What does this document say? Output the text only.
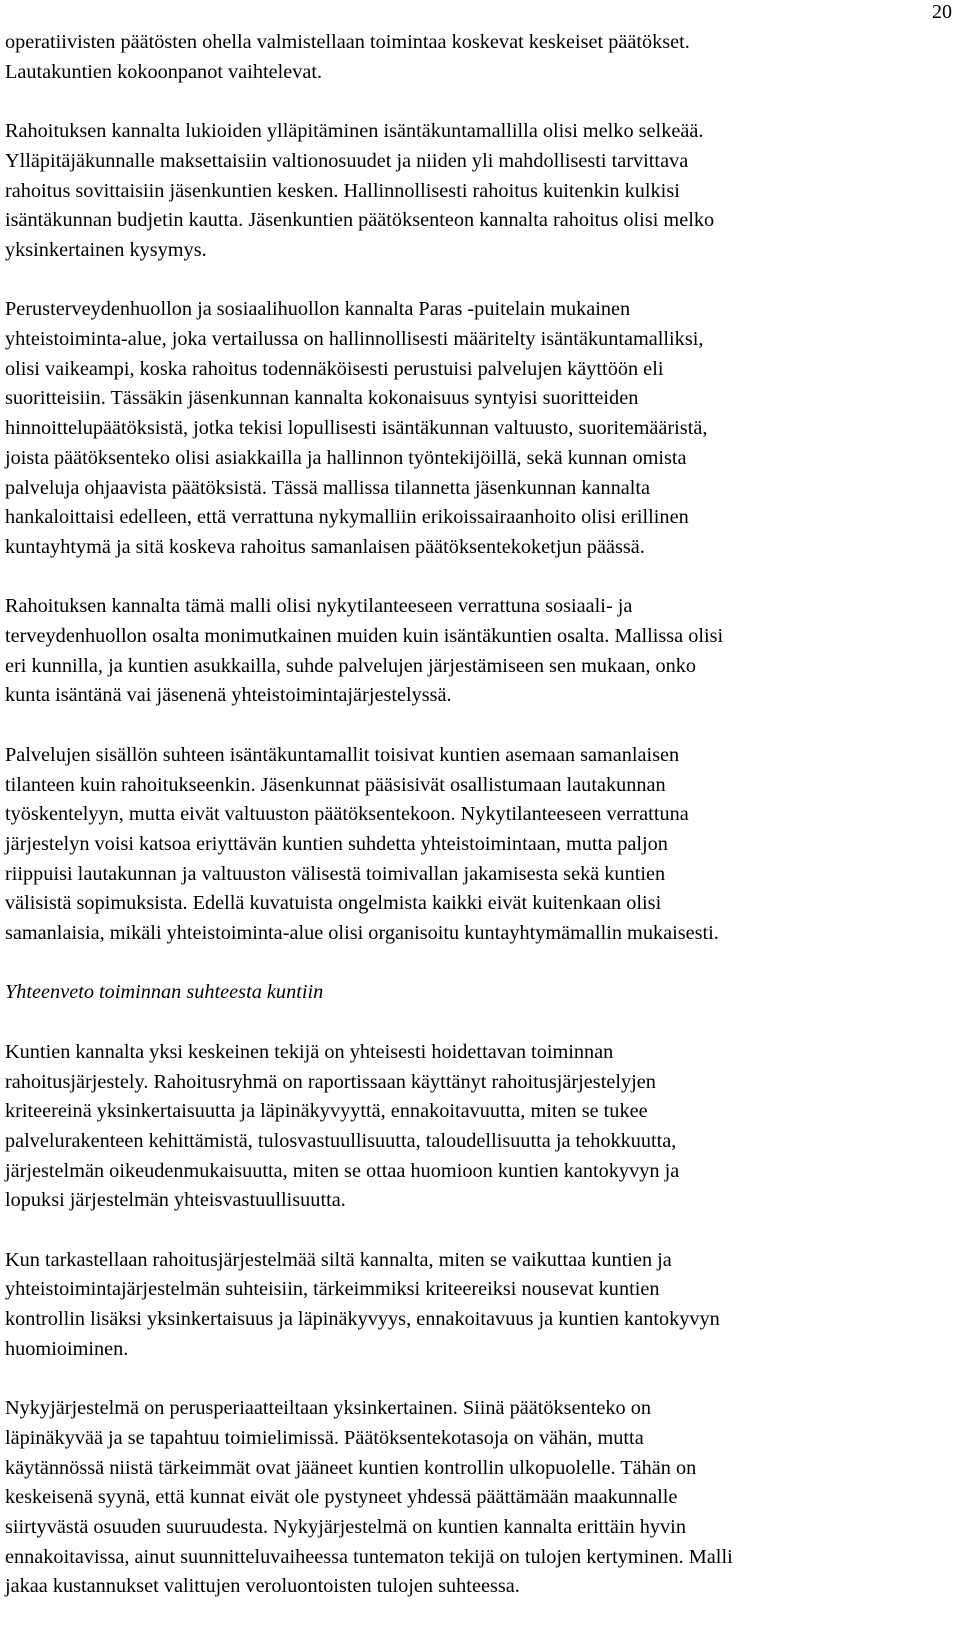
20
operatiivisten päätösten ohella valmistellaan toimintaa koskevat keskeiset päätökset.
Lautakuntien kokoonpanot vaihtelevat.
Rahoituksen kannalta lukioiden ylläpitäminen isäntäkuntamallilla olisi melko selkeää.
Ylläpitäjäkunnalle maksettaisiin valtionosuudet ja niiden yli mahdollisesti tarvittava
rahoitus sovittaisiin jäsenkuntien kesken. Hallinnollisesti rahoitus kuitenkin kulkisi
isäntäkunnan budjetin kautta. Jäsenkuntien päätöksenteon kannalta rahoitus olisi melko
yksinkertainen kysymys.
Perusterveydenhuollon ja sosiaalihuollon kannalta Paras -puitelain mukainen
yhteistoiminta-alue, joka vertailussa on hallinnollisesti määritelty isäntäkuntamalliksi,
olisi vaikeampi, koska rahoitus todennäköisesti perustuisi palvelujen käyttöön eli
suoritteisiin. Tässäkin jäsenkunnan kannalta kokonaisuus syntyisi suoritteiden
hinnoittelupäätöksistä, jotka tekisi lopullisesti isäntäkunnan valtuusto, suoritemääristä,
joista päätöksenteko olisi asiakkailla ja hallinnon työntekijöillä, sekä kunnan omista
palveluja ohjaavista päätöksistä. Tässä mallissa tilannetta jäsenkunnan kannalta
hankaloittaisi edelleen, että verrattuna nykymalliin erikoissairaanhoito olisi erillinen
kuntayhtymä ja sitä koskeva rahoitus samanlaisen päätöksentekoketjun päässä.
Rahoituksen kannalta tämä malli olisi nykytilanteeseen verrattuna sosiaali- ja
terveydenhuollon osalta monimutkainen muiden kuin isäntäkuntien osalta. Mallissa olisi
eri kunnilla, ja kuntien asukkailla, suhde palvelujen järjestämiseen sen mukaan, onko
kunta isäntänä vai jäsenenä yhteistoimintajärjestelyssä.
Palvelujen sisällön suhteen isäntäkuntamallit toisivat kuntien asemaan samanlaisen
tilanteen kuin rahoitukseenkin. Jäsenkunnat pääsisivät osallistumaan lautakunnan
työskentelyyn, mutta eivät valtuuston päätöksentekoon. Nykytilanteeseen verrattuna
järjestelyn voisi katsoa eriyttävän kuntien suhdetta yhteistoimintaan, mutta paljon
riippuisi lautakunnan ja valtuuston välisestä toimivallan jakamisesta sekä kuntien
välisistä sopimuksista. Edellä kuvatuista ongelmista kaikki eivät kuitenkaan olisi
samanlaisia, mikäli yhteistoiminta-alue olisi organisoitu kuntayhtymämallin mukaisesti.
Yhteenveto toiminnan suhteesta kuntiin
Kuntien kannalta yksi keskeinen tekijä on yhteisesti hoidettavan toiminnan
rahoitusjärjestely. Rahoitusryhmä on raportissaan käyttänyt rahoitusjärjestelyjen
kriteereinä yksinkertaisuutta ja läpinäkyvyyttä, ennakoitavuutta, miten se tukee
palvelurakenteen kehittämistä, tulosvastuullisuutta, taloudellisuutta ja tehokkuutta,
järjestelmän oikeudenmukaisuutta, miten se ottaa huomioon kuntien kantokyvyn ja
lopuksi järjestelmän yhteisvastuullisuutta.
Kun tarkastellaan rahoitusjärjestelmää siltä kannalta, miten se vaikuttaa kuntien ja
yhteistoimintajärjestelmän suhteisiin, tärkeimmiksi kriteereiksi nousevat kuntien
kontrollin lisäksi yksinkertaisuus ja läpinäkyvyys, ennakoitavuus ja kuntien kantokyvyn
huomioiminen.
Nykyjärjestelmä on perusperiaatteiltaan yksinkertainen. Siinä päätöksenteko on
läpinäkyvää ja se tapahtuu toimielimissä. Päätöksentekotasoja on vähän, mutta
käytännössä niistä tärkeimmät ovat jääneet kuntien kontrollin ulkopuolelle. Tähän on
keskeisenä syynä, että kunnat eivät ole pystyneet yhdessä päättämään maakunnalle
siirtyvästä osuuden suuruudesta. Nykyjärjestelmä on kuntien kannalta erittäin hyvin
ennakoitavissa, ainut suunnitteluvaiheessa tuntematon tekijä on tulojen kertyminen. Malli
jakaa kustannukset valittujen veroluontoisten tulojen suhteessa.
